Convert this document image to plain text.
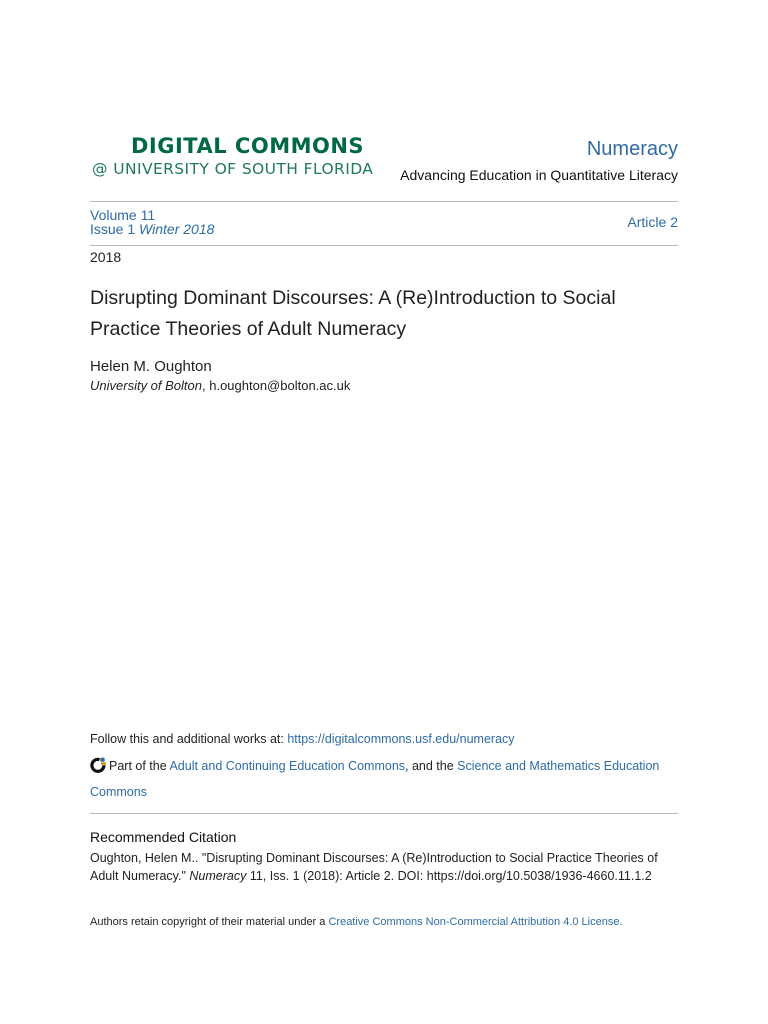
DIGITAL COMMONS
@ UNIVERSITY OF SOUTH FLORIDA
Numeracy
Advancing Education in Quantitative Literacy
Volume 11
Issue 1 Winter 2018	Article 2
2018
Disrupting Dominant Discourses: A (Re)Introduction to Social Practice Theories of Adult Numeracy
Helen M. Oughton
University of Bolton, h.oughton@bolton.ac.uk
Follow this and additional works at: https://digitalcommons.usf.edu/numeracy
Part of the Adult and Continuing Education Commons, and the Science and Mathematics Education Commons
Recommended Citation
Oughton, Helen M.. "Disrupting Dominant Discourses: A (Re)Introduction to Social Practice Theories of Adult Numeracy." Numeracy 11, Iss. 1 (2018): Article 2. DOI: https://doi.org/10.5038/1936-4660.11.1.2
Authors retain copyright of their material under a Creative Commons Non-Commercial Attribution 4.0 License.
